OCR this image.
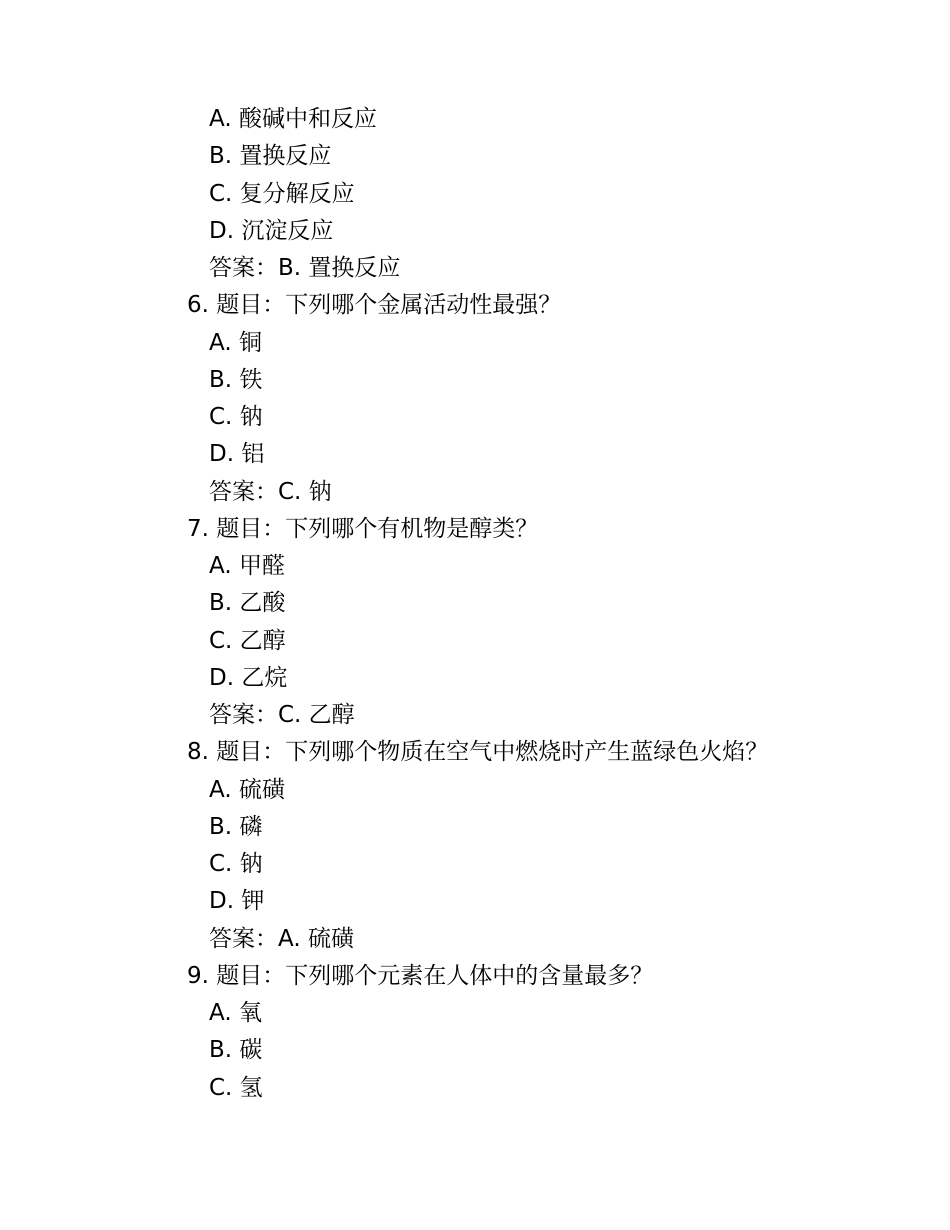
A. 酸碱中和反应
B. 置换反应
C. 复分解反应
D. 沉淀反应
答案：B. 置换反应
6. 题目：下列哪个金属活动性最强？
A. 铜
B. 铁
C. 钠
D. 铝
答案：C. 钠
7. 题目：下列哪个有机物是醇类？
A. 甲醛
B. 乙酸
C. 乙醇
D. 乙烷
答案：C. 乙醇
8. 题目：下列哪个物质在空气中燃烧时产生蓝绿色火焰？
A. 硫磺
B. 磷
C. 钠
D. 钾
答案：A. 硫磺
9. 题目：下列哪个元素在人体中的含量最多？
A. 氧
B. 碳
C. 氢
